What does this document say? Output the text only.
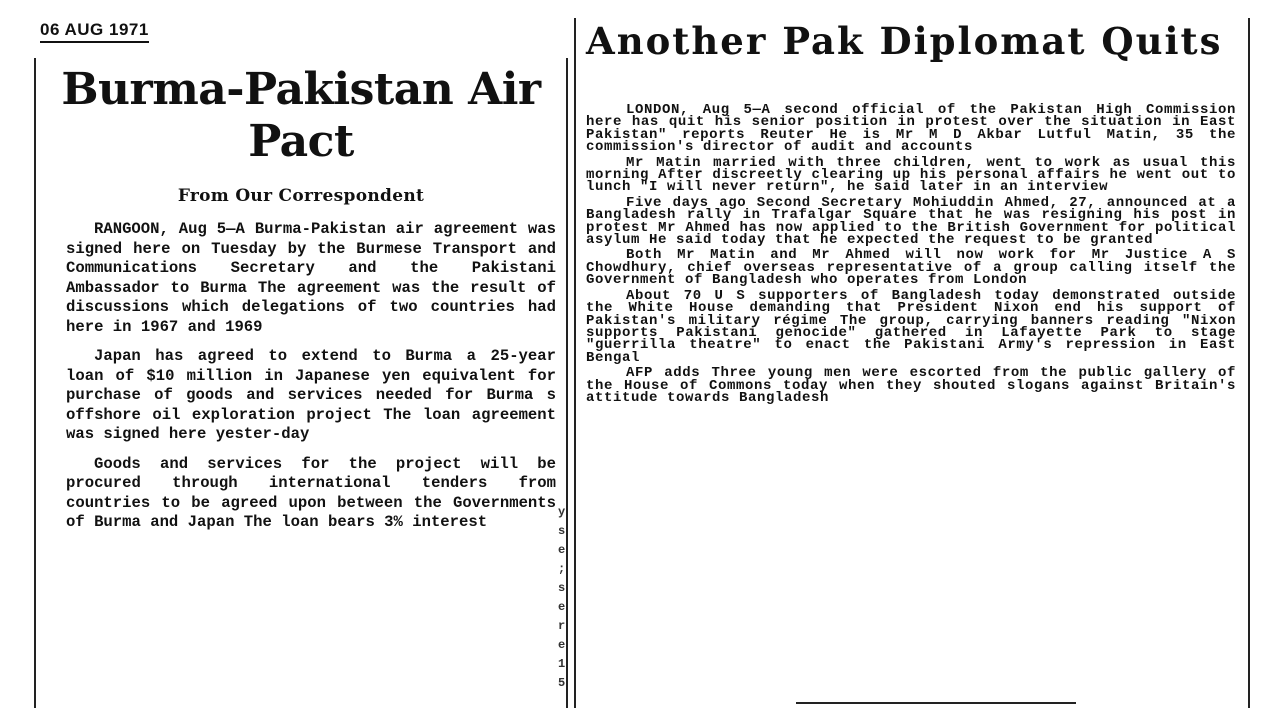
06 AUG 1971
Burma-Pakistan Air Pact
From Our Correspondent

RANGOON, Aug 5—A Burma-Pakistan air agreement was signed here on Tuesday by the Burmese Transport and Communications Secretary and the Pakistani Ambassador to Burma The agreement was the result of discussions which delegations of two countries had here in 1967 and 1969

Japan has agreed to extend to Burma a 25-year loan of $10 million in Japanese yen equivalent for purchase of goods and services needed for Burma s offshore oil exploration project The loan agreement was signed here yester-day

Goods and services for the project will be procured through international tenders from countries to be agreed upon between the Governments of Burma and Japan The loan bears 3% interest

y s e ; s e r e 15
Another Pak Diplomat Quits

LONDON, Aug 5—A second official of the Pakistan High Commission here has quit his senior position in protest over the situation in East Pakistan" reports Reuter He is Mr M D Akbar Lutful Matin, 35 the commission's director of audit and accounts

Mr Matin married with three children, went to work as usual this morning After discreetly clearing up his personal affairs he went out to lunch "I will never return", he said later in an interview

Five days ago Second Secretary Mohiuddin Ahmed, 27, announced at a Bangladesh rally in Trafalgar Square that he was resigning his post in protest Mr Ahmed has now applied to the British Government for political asylum He said today that he expected the request to be granted

Both Mr Matin and Mr Ahmed will now work for Mr Justice A S Chowdhury, chief overseas representative of a group calling itself the Government of Bangladesh who operates from London

About 70 U S supporters of Bangladesh today demonstrated outside the White House demanding that President Nixon end his support of Pakistan's military régime The group, carrying banners reading "Nixon supports Pakistani genocide" gathered in Lafayette Park to stage "guerrilla theatre" to enact the Pakistani Army's repression in East Bengal

AFP adds Three young men were escorted from the public gallery of the House of Commons today when they shouted slogans against Britain's attitude towards Bangladesh
